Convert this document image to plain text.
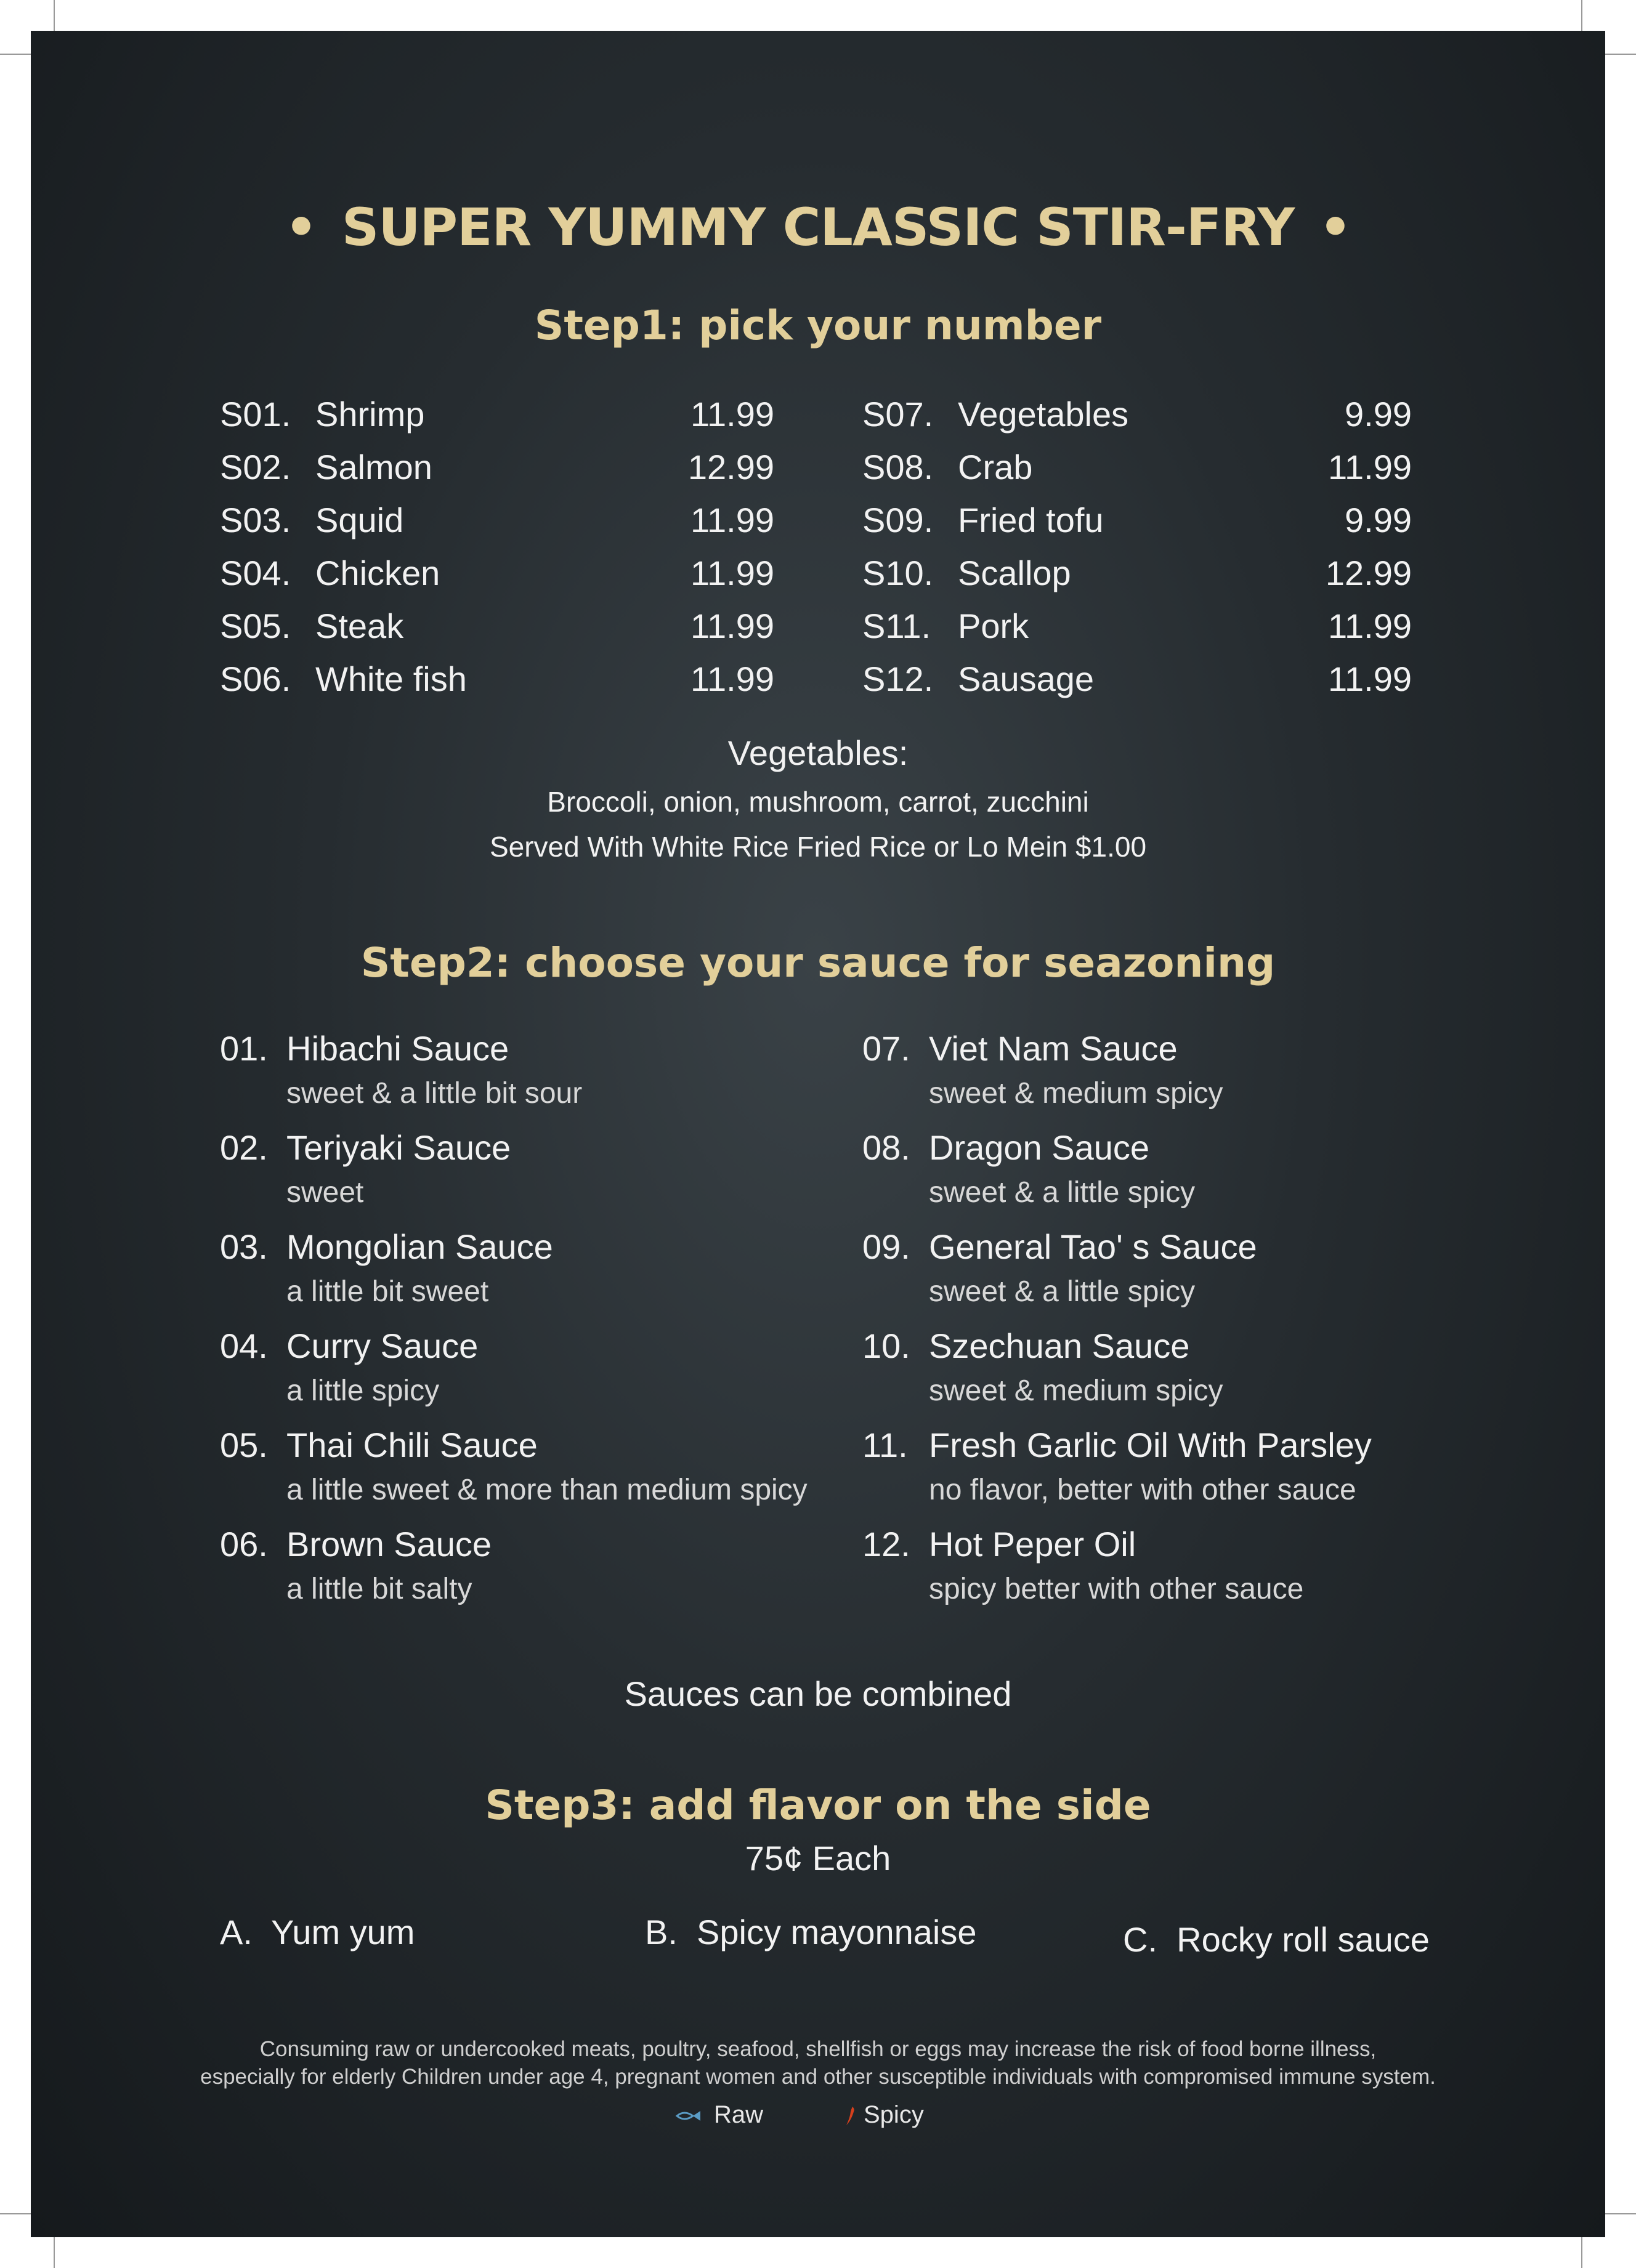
• SUPER YUMMY CLASSIC STIR-FRY •
Step1: pick your number
S01. Shrimp	11.99
S02. Salmon	12.99
S03. Squid	11.99
S04. Chicken	11.99
S05. Steak	11.99
S06. White fish	11.99
S07. Vegetables	9.99
S08. Crab	11.99
S09. Fried tofu	9.99
S10. Scallop	12.99
S11. Pork	11.99
S12. Sausage	11.99
Vegetables:
Broccoli, onion, mushroom, carrot, zucchini
Served With White Rice Fried Rice or Lo Mein $1.00
Step2: choose your sauce for seazoning
01. Hibachi Sauce
sweet & a little bit sour
02. Teriyaki Sauce
sweet
03. Mongolian Sauce
a little bit sweet
04. Curry Sauce
a little spicy
05. Thai Chili Sauce
a little sweet & more than medium spicy
06. Brown Sauce
a little bit salty
07. Viet Nam Sauce
sweet & medium spicy
08. Dragon Sauce
sweet & a little spicy
09. General Tao' s Sauce
sweet & a little spicy
10. Szechuan Sauce
sweet & medium spicy
11. Fresh Garlic Oil With Parsley
no flavor, better with other sauce
12. Hot Peper Oil
spicy better with other sauce
Sauces can be combined
Step3: add flavor on the side
75¢ Each
A. Yum yum	B. Spicy mayonnaise	C. Rocky roll sauce
Consuming raw or undercooked meats, poultry, seafood, shellfish or eggs may increase the risk of food borne illness,
especially for elderly Children under age 4, pregnant women and other susceptible individuals with compromised immune system.
Raw	Spicy
